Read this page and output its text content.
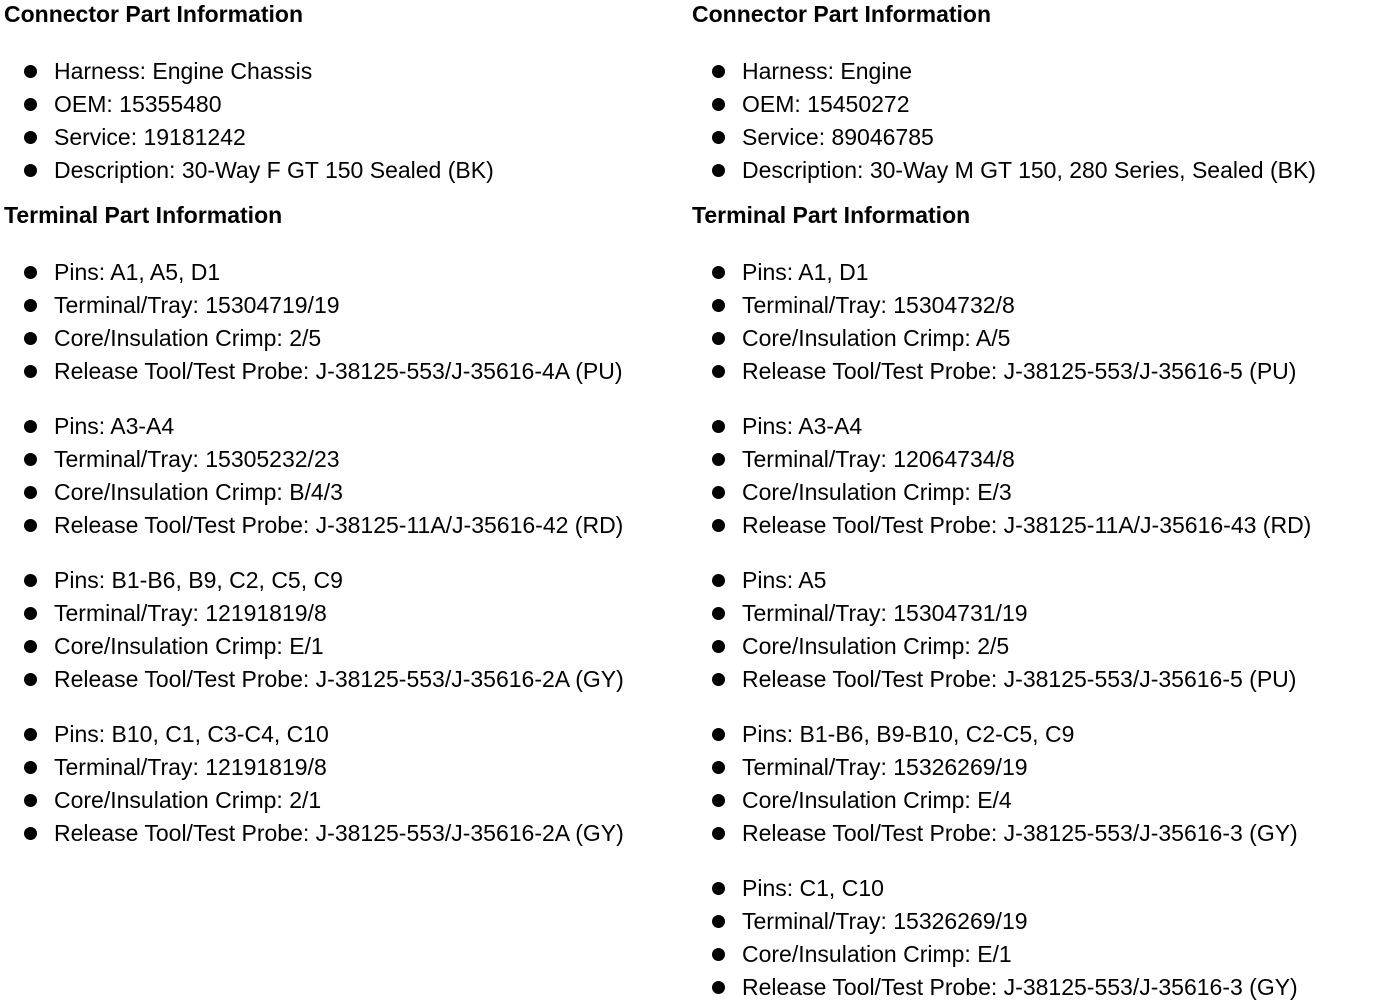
Connector Part Information
Harness: Engine Chassis
OEM: 15355480
Service: 19181242
Description: 30-Way F GT 150 Sealed (BK)
Terminal Part Information
Pins: A1, A5, D1
Terminal/Tray: 15304719/19
Core/Insulation Crimp: 2/5
Release Tool/Test Probe: J-38125-553/J-35616-4A (PU)
Pins: A3-A4
Terminal/Tray: 15305232/23
Core/Insulation Crimp: B/4/3
Release Tool/Test Probe: J-38125-11A/J-35616-42 (RD)
Pins: B1-B6, B9, C2, C5, C9
Terminal/Tray: 12191819/8
Core/Insulation Crimp: E/1
Release Tool/Test Probe: J-38125-553/J-35616-2A (GY)
Pins: B10, C1, C3-C4, C10
Terminal/Tray: 12191819/8
Core/Insulation Crimp: 2/1
Release Tool/Test Probe: J-38125-553/J-35616-2A (GY)
Connector Part Information
Harness: Engine
OEM: 15450272
Service: 89046785
Description: 30-Way M GT 150, 280 Series, Sealed (BK)
Terminal Part Information
Pins: A1, D1
Terminal/Tray: 15304732/8
Core/Insulation Crimp: A/5
Release Tool/Test Probe: J-38125-553/J-35616-5 (PU)
Pins: A3-A4
Terminal/Tray: 12064734/8
Core/Insulation Crimp: E/3
Release Tool/Test Probe: J-38125-11A/J-35616-43 (RD)
Pins: A5
Terminal/Tray: 15304731/19
Core/Insulation Crimp: 2/5
Release Tool/Test Probe: J-38125-553/J-35616-5 (PU)
Pins: B1-B6, B9-B10, C2-C5, C9
Terminal/Tray: 15326269/19
Core/Insulation Crimp: E/4
Release Tool/Test Probe: J-38125-553/J-35616-3 (GY)
Pins: C1, C10
Terminal/Tray: 15326269/19
Core/Insulation Crimp: E/1
Release Tool/Test Probe: J-38125-553/J-35616-3 (GY)
